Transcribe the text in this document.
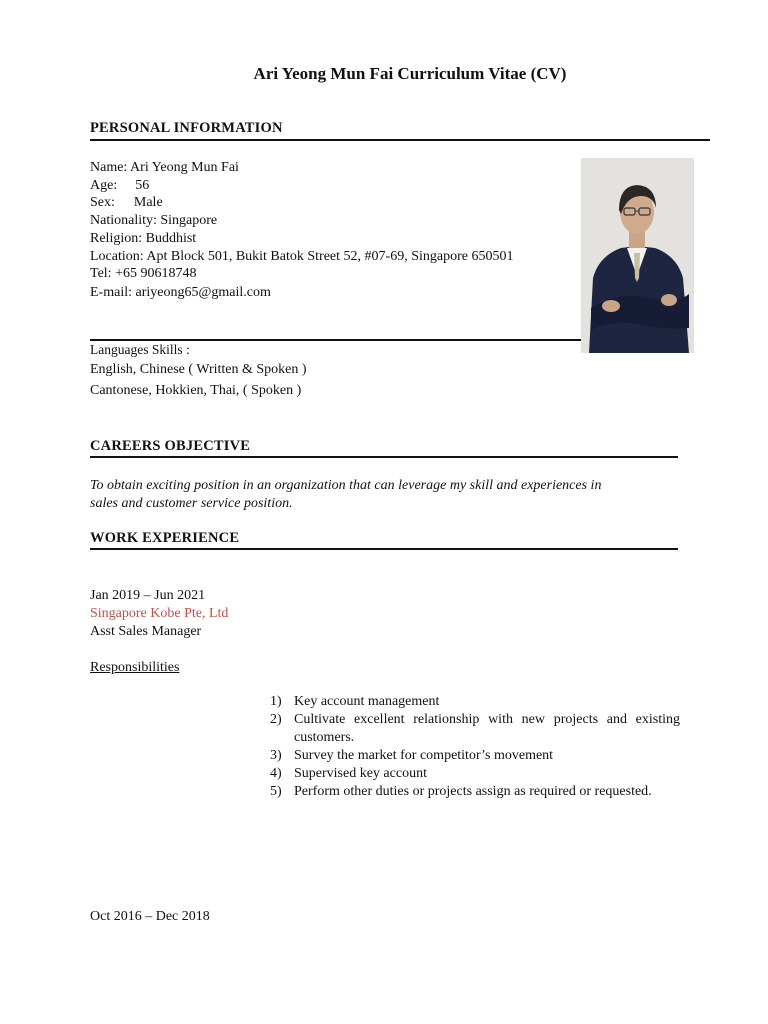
Ari Yeong Mun Fai Curriculum Vitae (CV)
PERSONAL INFORMATION
Name: Ari Yeong Mun Fai
Age: 56
Sex: Male
Nationality: Singapore
Religion: Buddhist
Location: Apt Block 501, Bukit Batok Street 52, #07-69, Singapore 650501
Tel: +65 90618748
E-mail: ariyeong65@gmail.com
Languages Skills :
English, Chinese ( Written & Spoken )
Cantonese, Hokkien, Thai, ( Spoken )
CAREERS OBJECTIVE
To obtain exciting position in an organization that can leverage my skill and experiences in
sales and customer service position.
WORK EXPERIENCE
Jan 2019 – Jun 2021
Singapore Kobe Pte, Ltd
Asst Sales Manager
Responsibilities
1) Key account management
2) Cultivate excellent relationship with new projects and existing customers.
3) Survey the market for competitor’s movement
4) Supervised key account
5) Perform other duties or projects assign as required or requested.
Oct 2016 – Dec 2018
